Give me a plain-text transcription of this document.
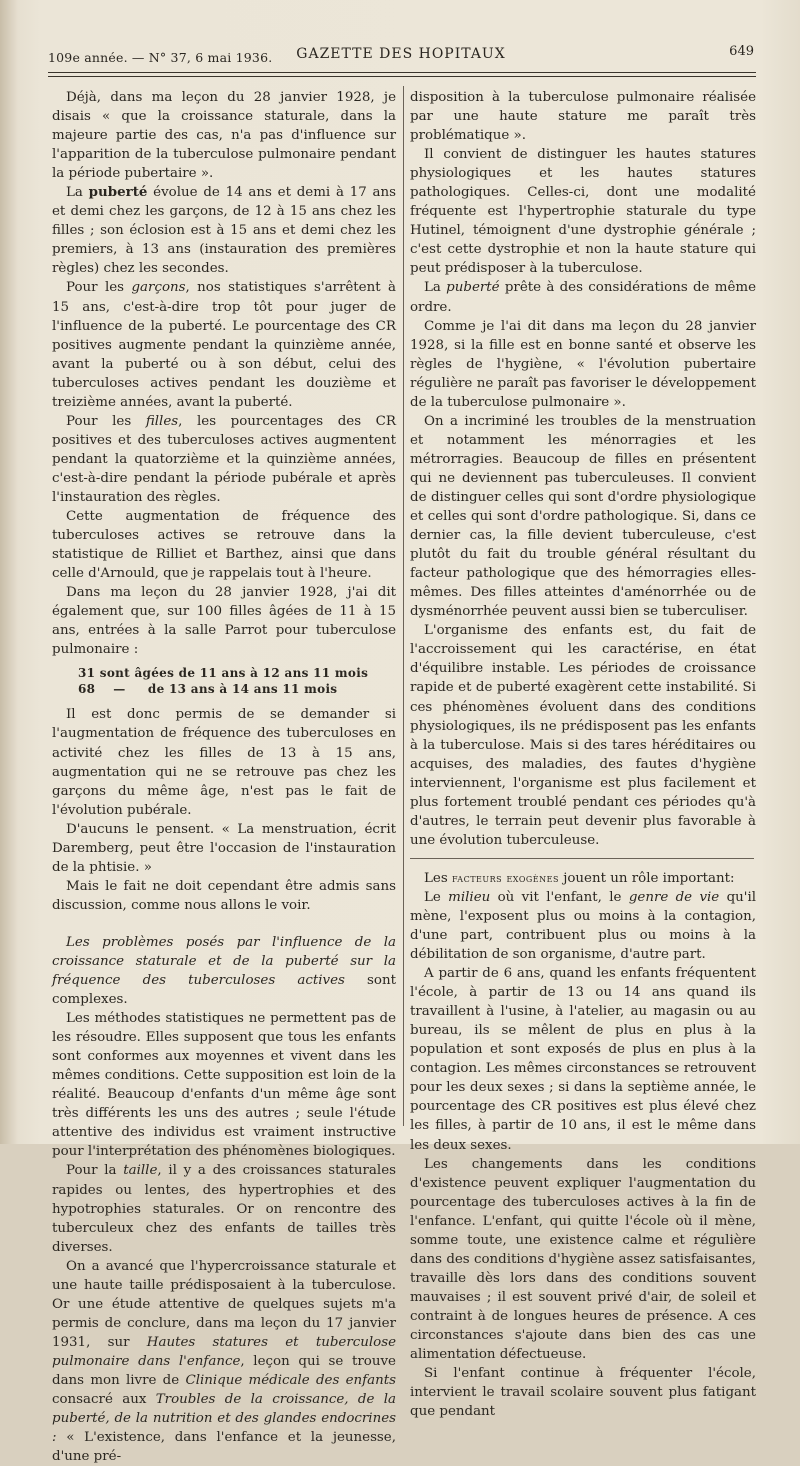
109e année. — N° 37, 6 mai 1936.	GAZETTE DES HOPITAUX	649

Déjà, dans ma leçon du 28 janvier 1928, je disais « que la croissance staturale, dans la majeure partie des cas, n'a pas d'influence sur l'apparition de la tuberculose pulmonaire pendant la période pubertaire ».

La puberté évolue de 14 ans et demi à 17 ans et demi chez les garçons, de 12 à 15 ans chez les filles ; son éclosion est à 15 ans et demi chez les premiers, à 13 ans (instauration des premières règles) chez les secondes.

Pour les garçons, nos statistiques s'arrêtent à 15 ans, c'est-à-dire trop tôt pour juger de l'influence de la puberté. Le pourcentage des CR positives augmente pendant la quinzième année, avant la puberté ou à son début, celui des tuberculoses actives pendant les douzième et treizième années, avant la puberté.

Pour les filles, les pourcentages des CR positives et des tuberculoses actives augmentent pendant la quatorzième et la quinzième années, c'est-à-dire pendant la période pubérale et après l'instauration des règles.

Cette augmentation de fréquence des tuberculoses actives se retrouve dans la statistique de Rilliet et Barthez, ainsi que dans celle d'Arnould, que je rappelais tout à l'heure.

Dans ma leçon du 28 janvier 1928, j'ai dit également que, sur 100 filles âgées de 11 à 15 ans, entrées à la salle Parrot pour tuberculose pulmonaire :

31 sont âgées de 11 ans à 12 ans 11 mois
68    —     de 13 ans à 14 ans 11 mois

Il est donc permis de se demander si l'augmentation de fréquence des tuberculoses en activité chez les filles de 13 à 15 ans, augmentation qui ne se retrouve pas chez les garçons du même âge, n'est pas le fait de l'évolution pubérale.

D'aucuns le pensent. « La menstruation, écrit Daremberg, peut être l'occasion de l'instauration de la phtisie. »

Mais le fait ne doit cependant être admis sans discussion, comme nous allons le voir.

Les problèmes posés par l'influence de la croissance staturale et de la puberté sur la fréquence des tuberculoses actives sont complexes.

Les méthodes statistiques ne permettent pas de les résoudre. Elles supposent que tous les enfants sont conformes aux moyennes et vivent dans les mêmes conditions. Cette supposition est loin de la réalité. Beaucoup d'enfants d'un même âge sont très différents les uns des autres ; seule l'étude attentive des individus est vraiment instructive pour l'interprétation des phénomènes biologiques.

Pour la taille, il y a des croissances staturales rapides ou lentes, des hypertrophies et des hypotrophies staturales. Or on rencontre des tuberculeux chez des enfants de tailles très diverses.

On a avancé que l'hypercroissance staturale et une haute taille prédisposaient à la tuberculose. Or une étude attentive de quelques sujets m'a permis de conclure, dans ma leçon du 17 janvier 1931, sur Hautes statures et tuberculose pulmonaire dans l'enfance, leçon qui se trouve dans mon livre de Clinique médicale des enfants consacré aux Troubles de la croissance, de la puberté, de la nutrition et des glandes endocrines : « L'existence, dans l'enfance et la jeunesse, d'une pré-

disposition à la tuberculose pulmonaire réalisée par une haute stature me paraît très problématique ».

Il convient de distinguer les hautes statures physiologiques et les hautes statures pathologiques. Celles-ci, dont une modalité fréquente est l'hypertrophie staturale du type Hutinel, témoignent d'une dystrophie générale ; c'est cette dystrophie et non la haute stature qui peut prédisposer à la tuberculose.

La puberté prête à des considérations de même ordre.

Comme je l'ai dit dans ma leçon du 28 janvier 1928, si la fille est en bonne santé et observe les règles de l'hygiène, « l'évolution pubertaire régulière ne paraît pas favoriser le développement de la tuberculose pulmonaire ».

On a incriminé les troubles de la menstruation et notamment les ménorragies et les métrorragies. Beaucoup de filles en présentent qui ne deviennent pas tuberculeuses. Il convient de distinguer celles qui sont d'ordre physiologique et celles qui sont d'ordre pathologique. Si, dans ce dernier cas, la fille devient tuberculeuse, c'est plutôt du fait du trouble général résultant du facteur pathologique que des hémorragies elles-mêmes. Des filles atteintes d'aménorrhée ou de dysménorrhée peuvent aussi bien se tuberculiser.

L'organisme des enfants est, du fait de l'accroissement qui les caractérise, en état d'équilibre instable. Les périodes de croissance rapide et de puberté exagèrent cette instabilité. Si ces phénomènes évoluent dans des conditions physiologiques, ils ne prédisposent pas les enfants à la tuberculose. Mais si des tares héréditaires ou acquises, des maladies, des fautes d'hygiène interviennent, l'organisme est plus facilement et plus fortement troublé pendant ces périodes qu'à d'autres, le terrain peut devenir plus favorable à une évolution tuberculeuse.

Les facteurs exogènes jouent un rôle important:

Le milieu où vit l'enfant, le genre de vie qu'il mène, l'exposent plus ou moins à la contagion, d'une part, contribuent plus ou moins à la débilitation de son organisme, d'autre part.

A partir de 6 ans, quand les enfants fréquentent l'école, à partir de 13 ou 14 ans quand ils travaillent à l'usine, à l'atelier, au magasin ou au bureau, ils se mêlent de plus en plus à la population et sont exposés de plus en plus à la contagion. Les mêmes circonstances se retrouvent pour les deux sexes ; si dans la septième année, le pourcentage des CR positives est plus élevé chez les filles, à partir de 10 ans, il est le même dans les deux sexes.

Les changements dans les conditions d'existence peuvent expliquer l'augmentation du pourcentage des tuberculoses actives à la fin de l'enfance. L'enfant, qui quitte l'école où il mène, somme toute, une existence calme et régulière dans des conditions d'hygiène assez satisfaisantes, travaille dès lors dans des conditions souvent mauvaises ; il est souvent privé d'air, de soleil et contraint à de longues heures de présence. A ces circonstances s'ajoute dans bien des cas une alimentation défectueuse.

Si l'enfant continue à fréquenter l'école, intervient le travail scolaire souvent plus fatigant que pendant
